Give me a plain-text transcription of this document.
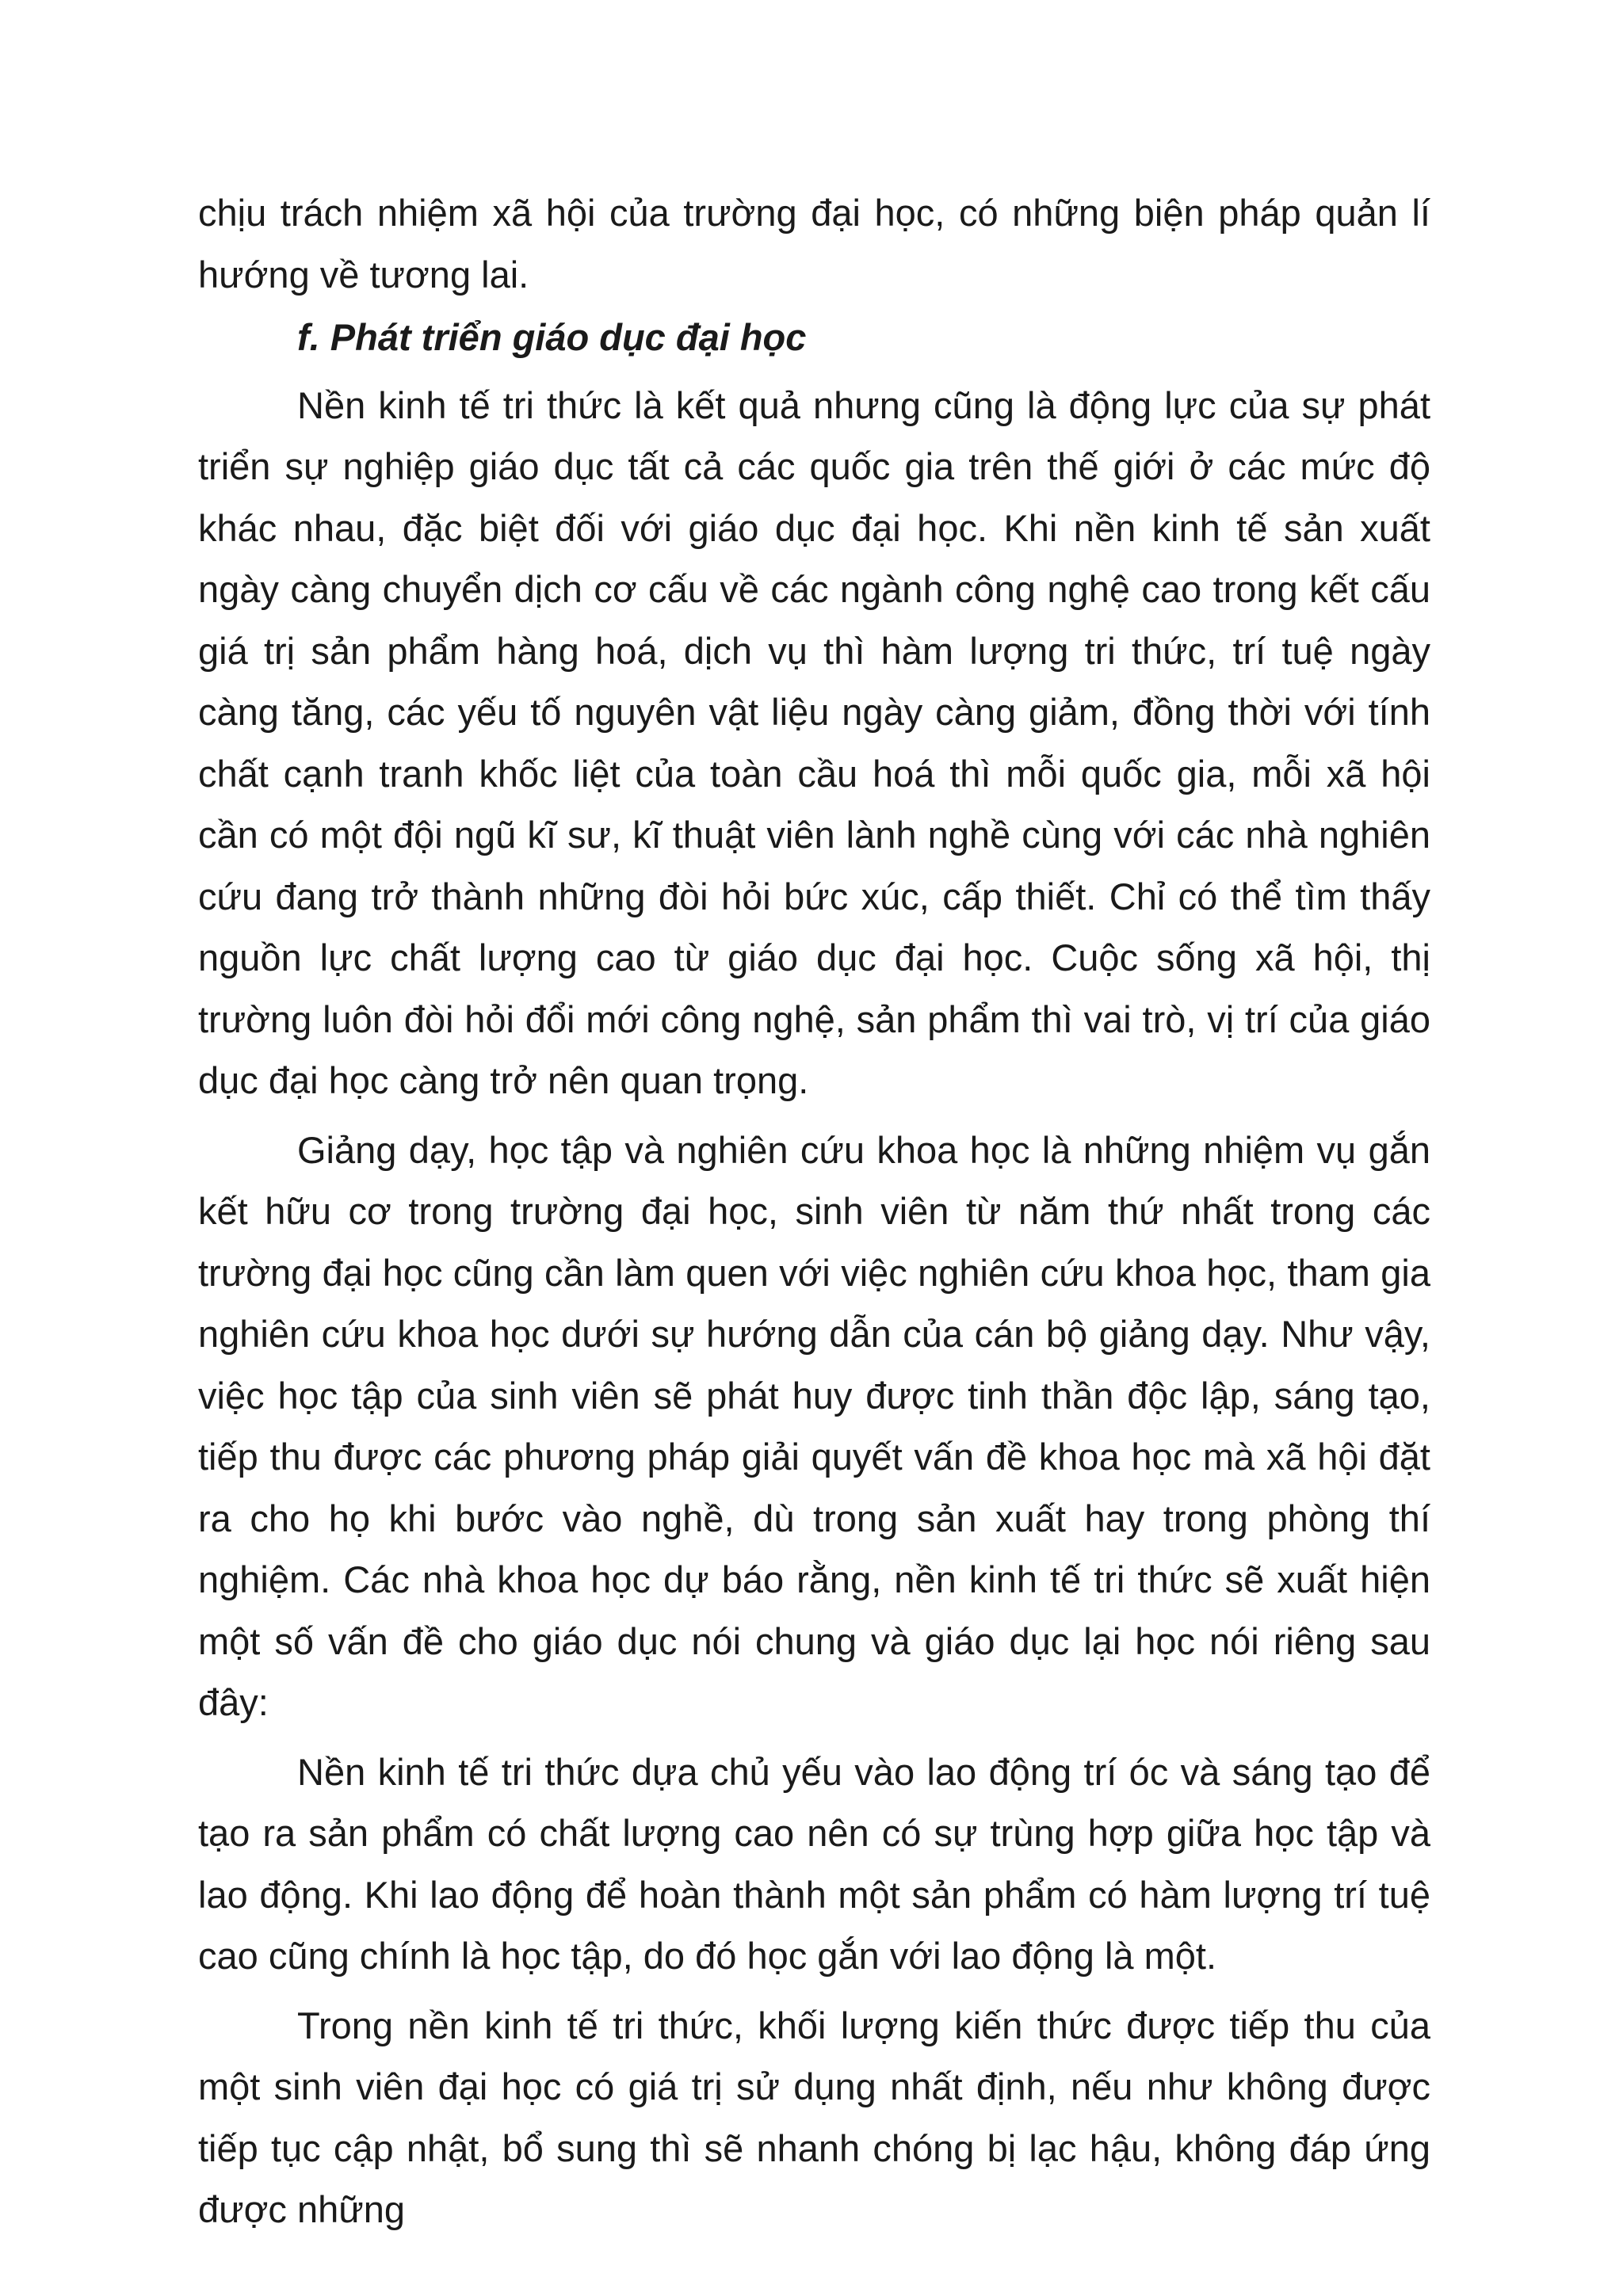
chịu trách nhiệm xã hội của trường đại học, có những biện pháp quản lí hướng về tương lai.

f. Phát triển giáo dục đại học

Nền kinh tế tri thức là kết quả nhưng cũng là động lực của sự phát triển sự nghiệp giáo dục tất cả các quốc gia trên thế giới ở các mức độ khác nhau, đặc biệt đối với giáo dục đại học. Khi nền kinh tế sản xuất ngày càng chuyển dịch cơ cấu về các ngành công nghệ cao trong kết cấu giá trị sản phẩm hàng hoá, dịch vụ thì hàm lượng tri thức, trí tuệ ngày càng tăng, các yếu tố nguyên vật liệu ngày càng giảm, đồng thời với tính chất cạnh tranh khốc liệt của toàn cầu hoá thì mỗi quốc gia, mỗi xã hội cần có một đội ngũ kĩ sư, kĩ thuật viên lành nghề cùng với các nhà nghiên cứu đang trở thành những đòi hỏi bức xúc, cấp thiết. Chỉ có thể tìm thấy nguồn lực chất lượng cao từ giáo dục đại học. Cuộc sống xã hội, thị trường luôn đòi hỏi đổi mới công nghệ, sản phẩm thì vai trò, vị trí của giáo dục đại học càng trở nên quan trọng.

Giảng dạy, học tập và nghiên cứu khoa học là những nhiệm vụ gắn kết hữu cơ trong trường đại học, sinh viên từ năm thứ nhất trong các trường đại học cũng cần làm quen với việc nghiên cứu khoa học, tham gia nghiên cứu khoa học dưới sự hướng dẫn của cán bộ giảng dạy. Như vậy, việc học tập của sinh viên sẽ phát huy được tinh thần độc lập, sáng tạo, tiếp thu được các phương pháp giải quyết vấn đề khoa học mà xã hội đặt ra cho họ khi bước vào nghề, dù trong sản xuất hay trong phòng thí nghiệm. Các nhà khoa học dự báo rằng, nền kinh tế tri thức sẽ xuất hiện một số vấn đề cho giáo dục nói chung và giáo dục lại học nói riêng sau đây:

Nền kinh tế tri thức dựa chủ yếu vào lao động trí óc và sáng tạo để tạo ra sản phẩm có chất lượng cao nên có sự trùng hợp giữa học tập và lao động. Khi lao động để hoàn thành một sản phẩm có hàm lượng trí tuệ cao cũng chính là học tập, do đó học gắn với lao động là một.

Trong nền kinh tế tri thức, khối lượng kiến thức được tiếp thu của một sinh viên đại học có giá trị sử dụng nhất định, nếu như không được tiếp tục cập nhật, bổ sung thì sẽ nhanh chóng bị lạc hậu, không đáp ứng được những
